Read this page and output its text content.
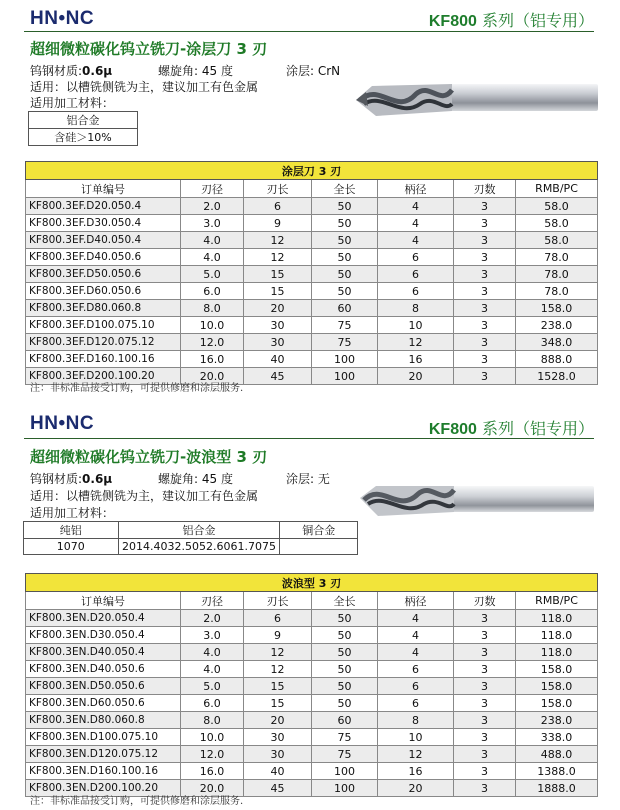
HN•NC	KF800 系列（铝专用）
超细微粒碳化钨立铣刀-涂层刀 3 刃
钨钢材质:0.6μ	螺旋角: 45 度	涂层: CrN
适用：以槽铣侧铣为主，建议加工有色金属
适用加工材料：
铝合金
含硅＞10%
涂层刀 3 刃						
订单编号	刃径	刃长	全长	柄径	刃数	RMB/PC
KF800.3EF.D20.050.4	2.0	6	50	4	3	58.0
KF800.3EF.D30.050.4	3.0	9	50	4	3	58.0
KF800.3EF.D40.050.4	4.0	12	50	4	3	58.0
KF800.3EF.D40.050.6	4.0	12	50	6	3	78.0
KF800.3EF.D50.050.6	5.0	15	50	6	3	78.0
KF800.3EF.D60.050.6	6.0	15	50	6	3	78.0
KF800.3EF.D80.060.8	8.0	20	60	8	3	158.0
KF800.3EF.D100.075.10	10.0	30	75	10	3	238.0
KF800.3EF.D120.075.12	12.0	30	75	12	3	348.0
KF800.3EF.D160.100.16	16.0	40	100	16	3	888.0
KF800.3EF.D200.100.20	20.0	45	100	20	3	1528.0
注：非标准品接受订购，可提供修磨和涂层服务.
HN•NC	KF800 系列（铝专用）
超细微粒碳化钨立铣刀-波浪型 3 刃
钨钢材质:0.6μ	螺旋角: 45 度	涂层: 无
适用：以槽铣侧铣为主，建议加工有色金属
适用加工材料：
纯铝	铝合金	铜合金
1070	2014.4032.5052.6061.7075	
波浪型 3 刃						
订单编号	刃径	刃长	全长	柄径	刃数	RMB/PC
KF800.3EN.D20.050.4	2.0	6	50	4	3	118.0
KF800.3EN.D30.050.4	3.0	9	50	4	3	118.0
KF800.3EN.D40.050.4	4.0	12	50	4	3	118.0
KF800.3EN.D40.050.6	4.0	12	50	6	3	158.0
KF800.3EN.D50.050.6	5.0	15	50	6	3	158.0
KF800.3EN.D60.050.6	6.0	15	50	6	3	158.0
KF800.3EN.D80.060.8	8.0	20	60	8	3	238.0
KF800.3EN.D100.075.10	10.0	30	75	10	3	338.0
KF800.3EN.D120.075.12	12.0	30	75	12	3	488.0
KF800.3EN.D160.100.16	16.0	40	100	16	3	1388.0
KF800.3EN.D200.100.20	20.0	45	100	20	3	1888.0
注：非标准品接受订购，可提供修磨和涂层服务.
